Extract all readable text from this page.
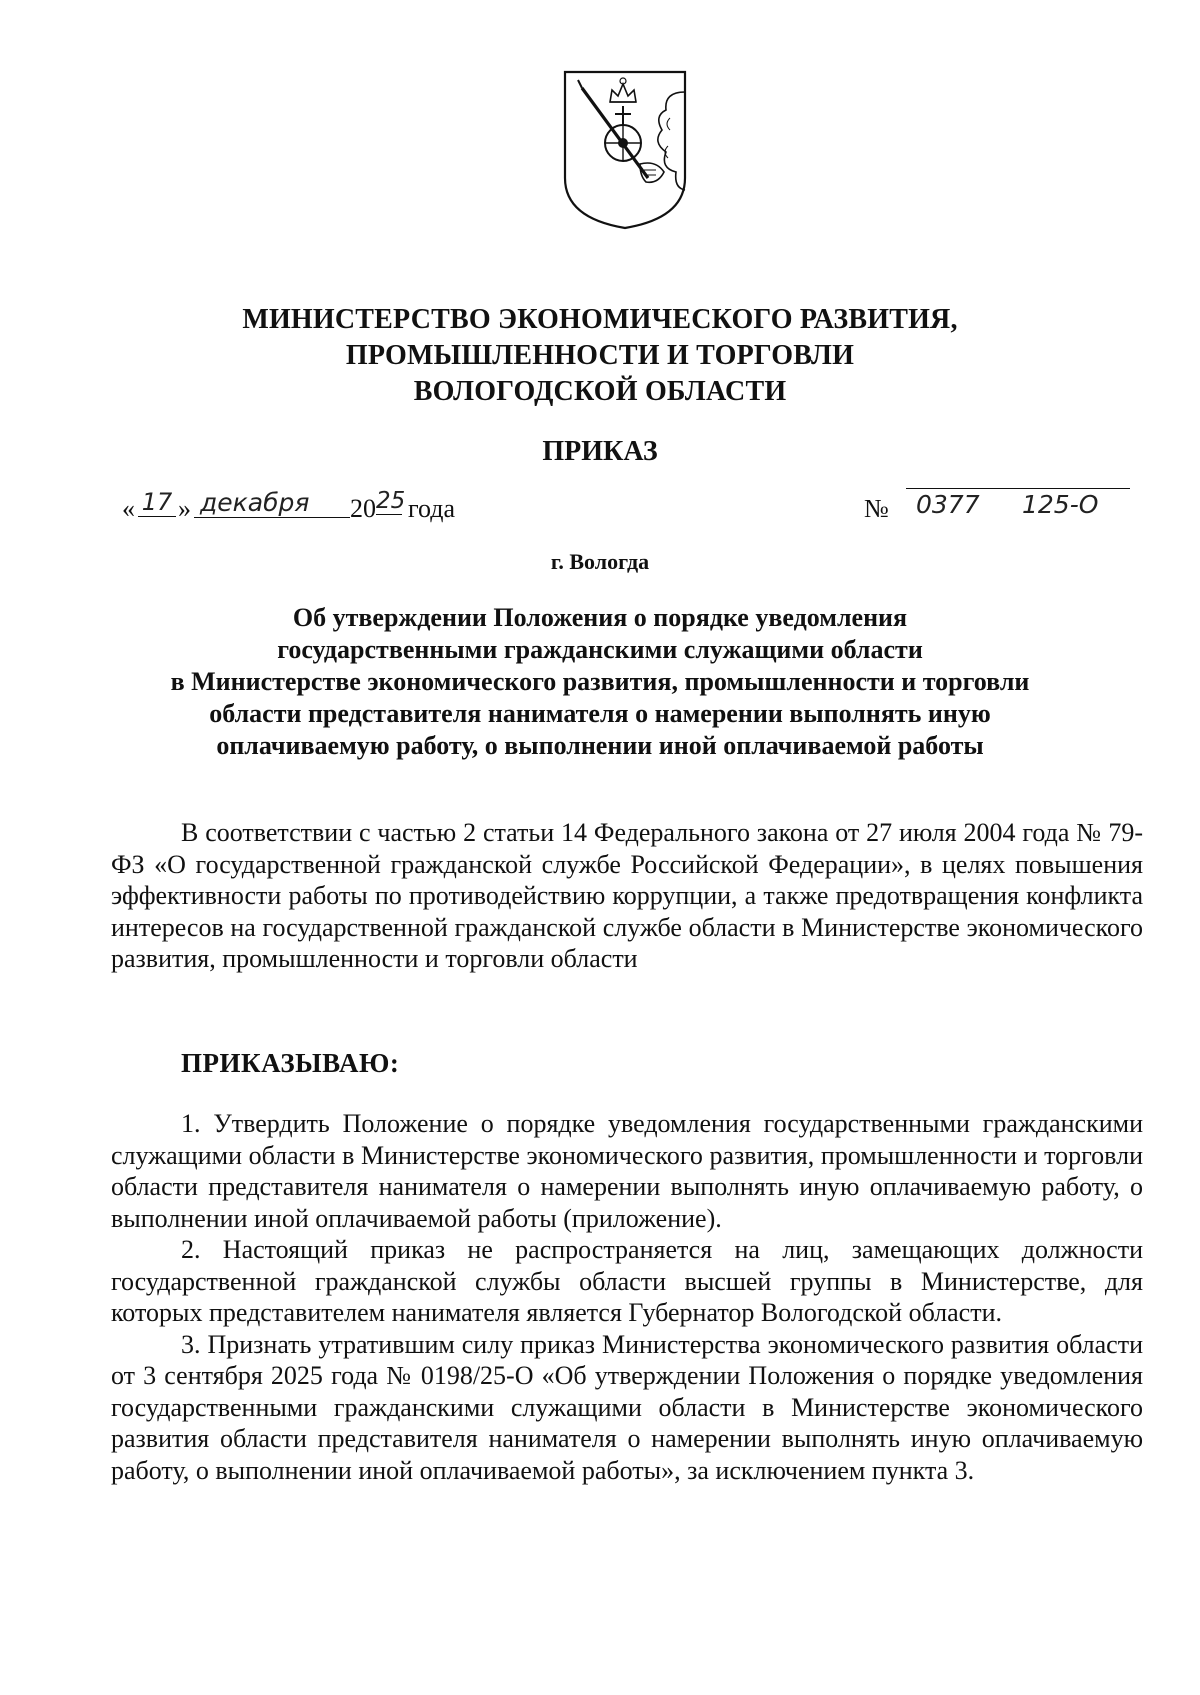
МИНИСТЕРСТВО ЭКОНОМИЧЕСКОГО РАЗВИТИЯ,
ПРОМЫШЛЕННОСТИ И ТОРГОВЛИ
ВОЛОГОДСКОЙ ОБЛАСТИ
ПРИКАЗ
« 17 » декабря	20 25 года	№ 0377 125-О
г. Вологда
Об утверждении Положения о порядке уведомления
государственными гражданскими служащими области
в Министерстве экономического развития, промышленности и торговли
области представителя нанимателя о намерении выполнять иную
оплачиваемую работу, о выполнении иной оплачиваемой работы

В соответствии с частью 2 статьи 14 Федерального закона от 27 июля 2004 года № 79-ФЗ «О государственной гражданской службе Российской Федерации», в целях повышения эффективности работы по противодействию коррупции, а также предотвращения конфликта интересов на государственной гражданской службе области в Министерстве экономического развития, промышленности и торговли области

ПРИКАЗЫВАЮ:

1. Утвердить Положение о порядке уведомления государственными гражданскими служащими области в Министерстве экономического развития, промышленности и торговли области представителя нанимателя о намерении выполнять иную оплачиваемую работу, о выполнении иной оплачиваемой работы (приложение).

2. Настоящий приказ не распространяется на лиц, замещающих должности государственной гражданской службы области высшей группы в Министерстве, для которых представителем нанимателя является Губернатор Вологодской области.

3. Признать утратившим силу приказ Министерства экономического развития области от 3 сентября 2025 года № 0198/25-О «Об утверждении Положения о порядке уведомления государственными гражданскими служащими области в Министерстве экономического развития области представителя нанимателя о намерении выполнять иную оплачиваемую работу, о выполнении иной оплачиваемой работы», за исключением пункта 3.
